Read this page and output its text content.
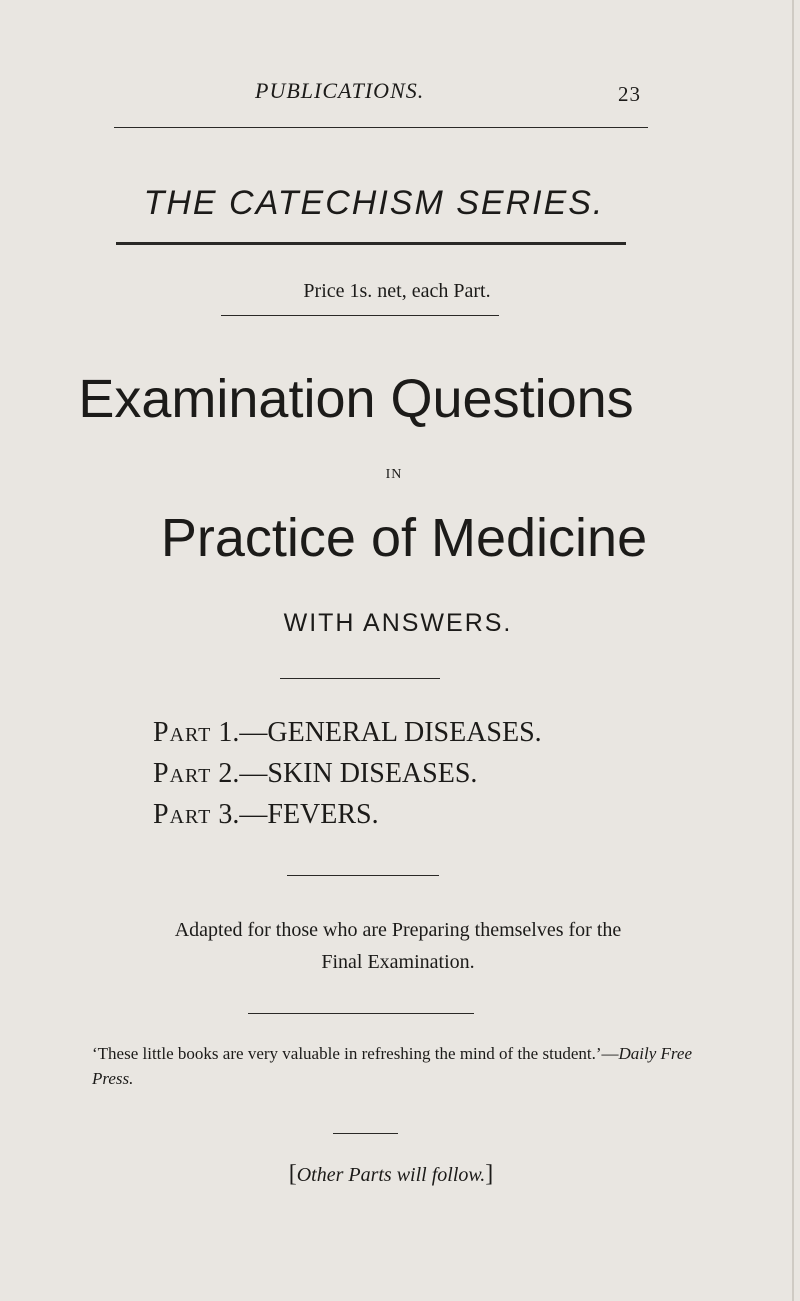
PUBLICATIONS.	23
THE CATECHISM SERIES.
Price 1s. net, each Part.
Examination Questions
IN
Practice of Medicine
WITH ANSWERS.
Part 1.—GENERAL DISEASES.
Part 2.—SKIN DISEASES.
Part 3.—FEVERS.
Adapted for those who are Preparing themselves for the
Final Examination.
‘These little books are very valuable in refreshing the mind of the student.’—Daily Free Press.
[Other Parts will follow.]
